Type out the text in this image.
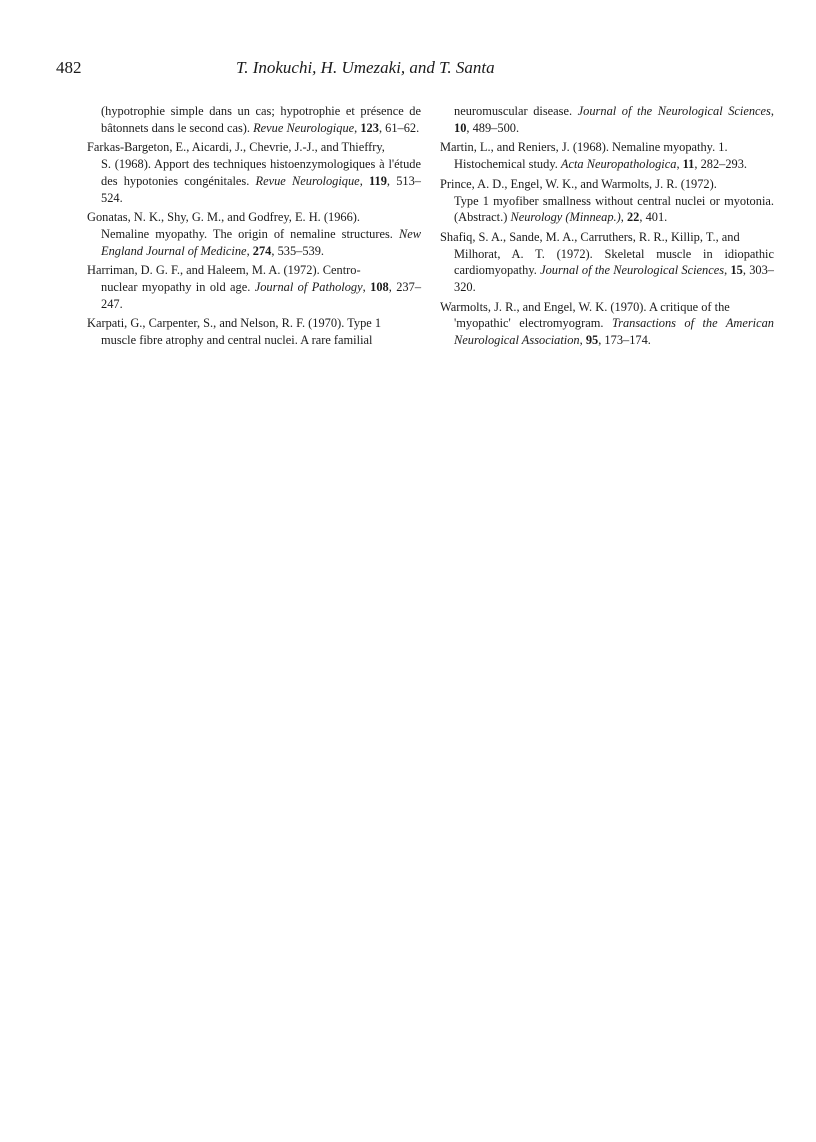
482	T. Inokuchi, H. Umezaki, and T. Santa

(hypotrophie simple dans un cas; hypotrophie et présence de bâtonnets dans le second cas). Revue Neurologique, 123, 61–62.

Farkas-Bargeton, E., Aicardi, J., Chevrie, J.-J., and Thieffry,
S. (1968). Apport des techniques histoenzymologiques à l'étude des hypotonies congénitales. Revue Neurologique, 119, 513–524.

Gonatas, N. K., Shy, G. M., and Godfrey, E. H. (1966).
Nemaline myopathy. The origin of nemaline structures. New England Journal of Medicine, 274, 535–539.

Harriman, D. G. F., and Haleem, M. A. (1972). Centro-
nuclear myopathy in old age. Journal of Pathology, 108, 237–247.

Karpati, G., Carpenter, S., and Nelson, R. F. (1970). Type 1
muscle fibre atrophy and central nuclei. A rare familial

neuromuscular disease. Journal of the Neurological Sciences, 10, 489–500.

Martin, L., and Reniers, J. (1968). Nemaline myopathy. 1.
Histochemical study. Acta Neuropathologica, 11, 282–293.

Prince, A. D., Engel, W. K., and Warmolts, J. R. (1972).
Type 1 myofiber smallness without central nuclei or myotonia. (Abstract.) Neurology (Minneap.), 22, 401.

Shafiq, S. A., Sande, M. A., Carruthers, R. R., Killip, T., and
Milhorat, A. T. (1972). Skeletal muscle in idiopathic cardiomyopathy. Journal of the Neurological Sciences, 15, 303–320.

Warmolts, J. R., and Engel, W. K. (1970). A critique of the
'myopathic' electromyogram. Transactions of the American Neurological Association, 95, 173–174.
